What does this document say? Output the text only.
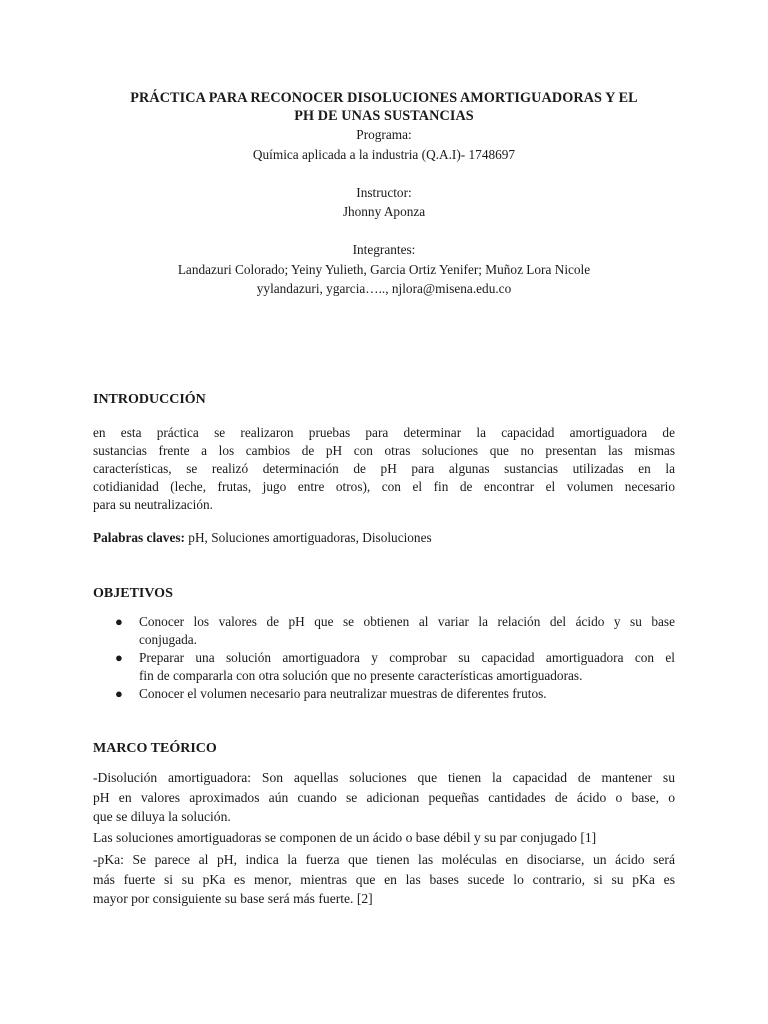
PRÁCTICA PARA RECONOCER DISOLUCIONES AMORTIGUADORAS Y EL
PH DE UNAS SUSTANCIAS
Programa:
Química aplicada a la industria (Q.A.I)- 1748697
Instructor:
Jhonny Aponza
Integrantes:
Landazuri Colorado; Yeiny Yulieth, Garcia Ortiz Yenifer; Muñoz Lora Nicole
yylandazuri, ygarcia….., njlora@misena.edu.co
INTRODUCCIÓN
en esta práctica se realizaron pruebas para determinar la capacidad amortiguadora de
sustancias frente a los cambios de pH con otras soluciones que no presentan las mismas
características, se realizó determinación de pH para algunas sustancias utilizadas en la
cotidianidad (leche, frutas, jugo entre otros), con el fin de encontrar el volumen necesario
para su neutralización.
Palabras claves: pH, Soluciones amortiguadoras, Disoluciones
OBJETIVOS
● Conocer los valores de pH que se obtienen al variar la relación del ácido y su base
conjugada.
● Preparar una solución amortiguadora y comprobar su capacidad amortiguadora con el
fin de compararla con otra solución que no presente características amortiguadoras.
● Conocer el volumen necesario para neutralizar muestras de diferentes frutos.
MARCO TEÓRICO
-Disolución amortiguadora: Son aquellas soluciones que tienen la capacidad de mantener su
pH en valores aproximados aún cuando se adicionan pequeñas cantidades de ácido o base, o
que se diluya la solución.
Las soluciones amortiguadoras se componen de un ácido o base débil y su par conjugado [1]
-pKa: Se parece al pH, indica la fuerza que tienen las moléculas en disociarse, un ácido será
más fuerte si su pKa es menor, mientras que en las bases sucede lo contrario, si su pKa es
mayor por consiguiente su base será más fuerte. [2]
